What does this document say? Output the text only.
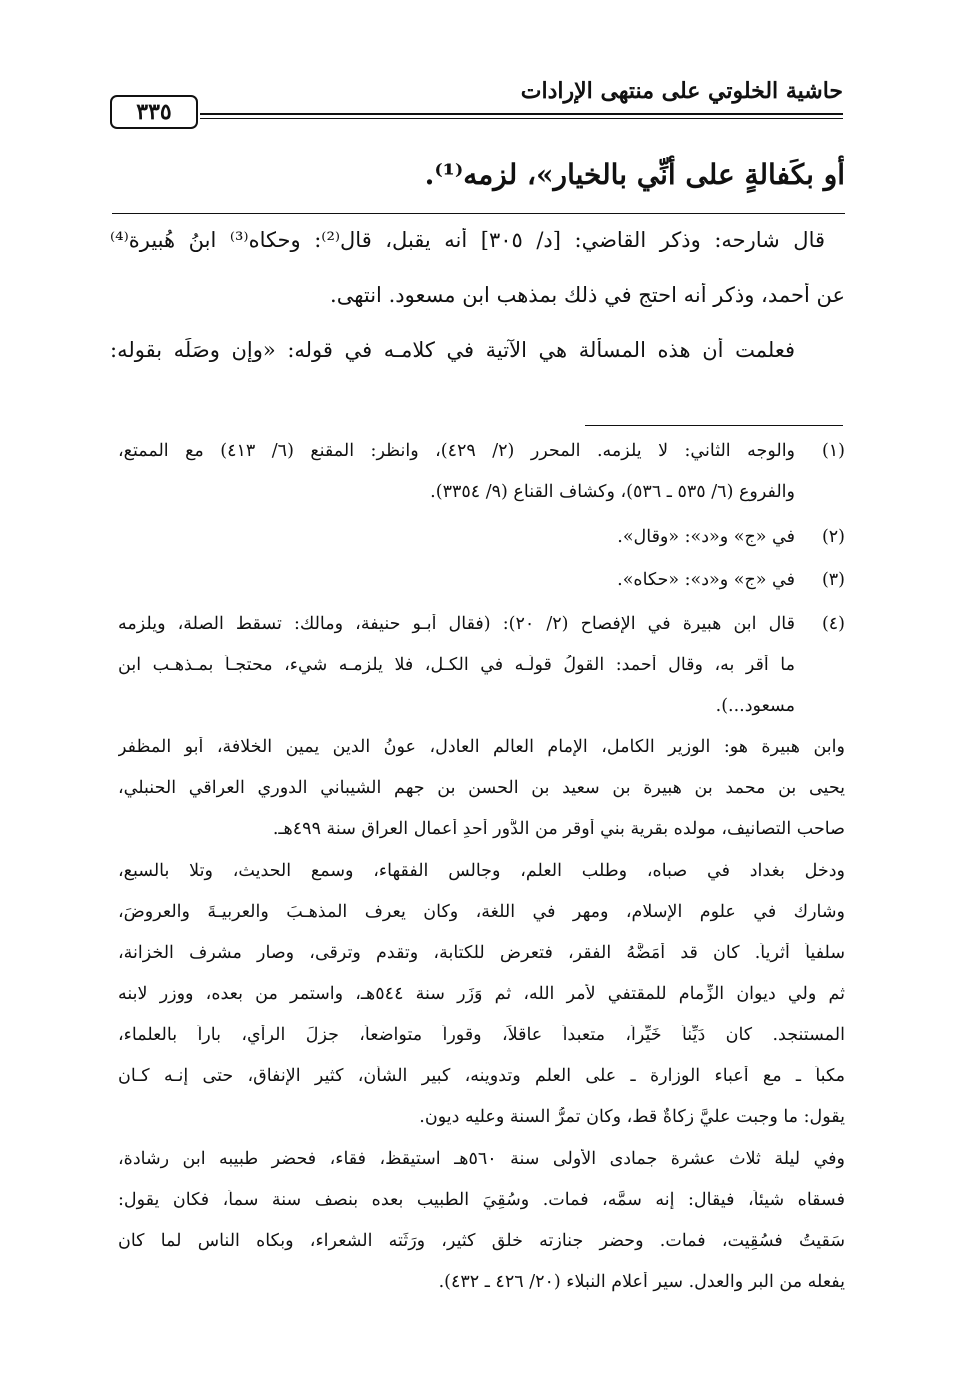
حاشية الخلوتي على منتهى الإرادات
٣٣٥
أو بكَفالةٍ على أنِّي بالخيار»، لزمه⁽¹⁾.
قال شارحه: وذكر القاضي: [د/ ٣٠٥] أنه يقبل، قال⁽²⁾: وحكاه⁽³⁾ ابنُ هُبيرة⁽⁴⁾
عن أحمد، وذكر أنه احتج في ذلك بمذهب ابنِ مسعود. انتهى.
فعلمت أن هذه المسألة هي الآتية في كلامـه في قوله: «وإن وصَلَه بقوله:
(١)
والوجه الثاني: لا يلزمه. المحرر (٢/ ٤٢٩)، وانظر: المقنع (٦/ ٤١٣) مع الممتع،
والفروع (٦/ ٥٣٥ ـ ٥٣٦)، وكشاف القناع (٩/ ٣٣٥٤).
(٢)
في «ج» و«د»: «وقال».
(٣)
في «ج» و«د»: «حكاه».
(٤)
قال ابن هبيرة في الإفصاح (٢/ ٢٠): (فقال أبـو حنيفة، ومالك: تسقط الصلة، ويلزمه
ما أقر به، وقال أحمد: القولُ قولُـه في الكـل، فلا يلزمـه شيء، محتجـاً بمـذهـب ابن
مسعود...).
وابن هبيرة هو: الوزير الكامل، الإمام العالم العادل، عونُ الدين يمين الخلافة، أبو المظفر
يحيى بن محمد بن هبيرة بن سعيد بن الحسن بن جهم الشيباني الدوري العراقي الحنبلي،
صاحب التصانيف، مولده بقرية بني أوقر من الدُّور أحدِ أعمال العراق سنة ٤٩٩هـ.
ودخل بغداد في صباه، وطلب العلم، وجالس الفقهاء، وسمع الحديث، وتلا بالسبع،
وشارك في علوم الإسلام، ومهر في اللغة، وكان يعرف المذهـبَ والعربيـةَ والعروضَ،
سلفياً أثرياً. كان قد أمَضَّهُ الفقر، فتعرض للكتابة، وتقدم وترقى، وصار مشرف الخزانة،
ثم ولي ديوان الزِّمام للمقتفي لأمر الله، ثم وَزَر سنة ٥٤٤هـ، واستمر من بعده، ووزر لابنه
المستنجد. كان دَيِّناً خَيِّراً، متعبداً عاقلاً، وقوراً متواضعاً، جزلَ الرأي، باراً بالعلماء،
مكباً ـ مع أعباء الوزارة ـ على العلم وتدوينه، كبير الشأن، كثير الإنفاق، حتى إنـه كـان
يقول: ما وجبت عليَّ زكاةٌ قط، وكان تمرُّ السنة وعليه ديون.
وفي ليلة ثلاث عشرة جمادى الأولى سنة ٥٦٠هـ استيقظ، فقاء، فحضر طبيبه ابن رشادة،
فسقاه شيئاً، فيقال: إنه سمَّه، فمات. وسُقِيَ الطبيب بعده بنصف سنة سماً، فكان يقول:
سَقيتُ فسُقِيت، فمات. وحضر جنازته خلق كثير، ورَثَته الشعراء، وبكاه الناس لما كان
يفعله من البر والعدل. سير أعلام النبلاء (٢٠/ ٤٢٦ ـ ٤٣٢).
